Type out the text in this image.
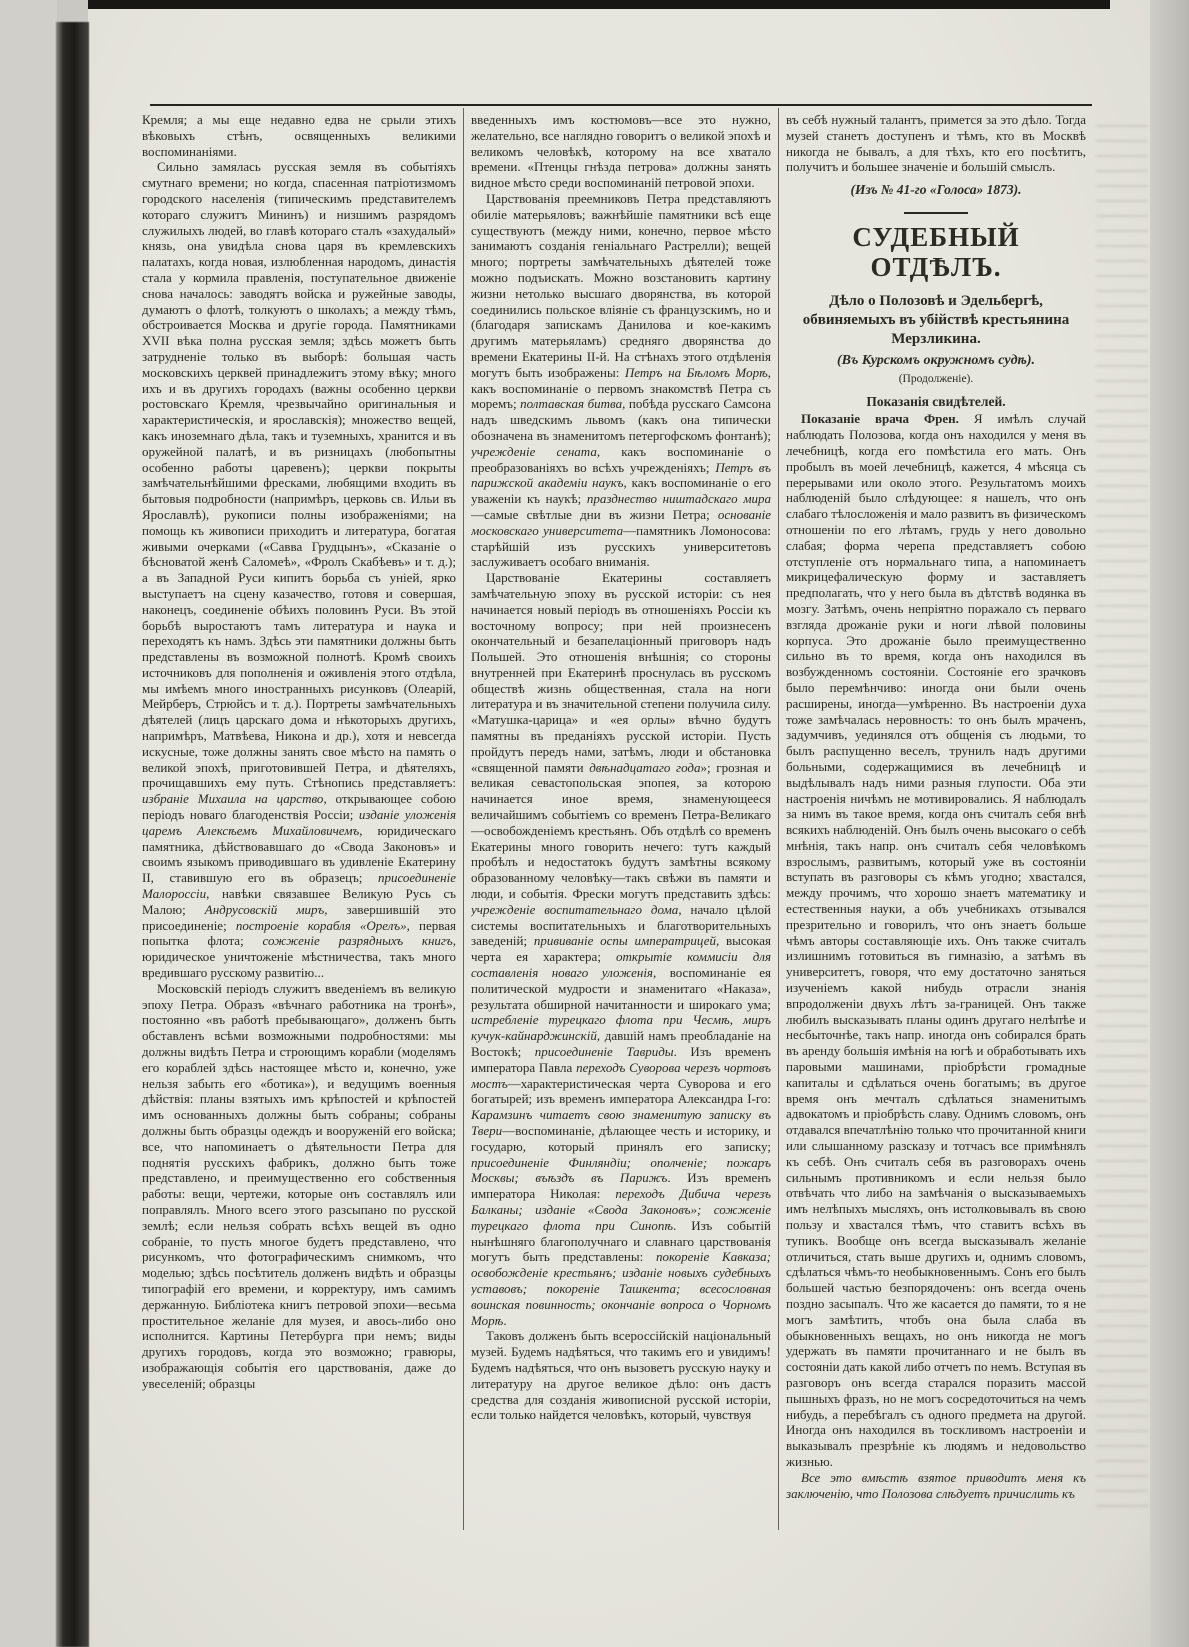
Кремля; а мы еще недавно едва не срыли этихъ вѣковыхъ стѣнъ, освященныхъ великими воспоминаніями.
Сильно замялась русская земля въ событіяхъ смутнаго времени; но когда, спасенная патріотизмомъ городского населенія (типическимъ представителемъ котораго служитъ Мининъ) и низшимъ разрядомъ служилыхъ людей, во главѣ котораго сталъ «захудалый» князь, она увидѣла снова царя въ кремлевскихъ палатахъ, когда новая, излюбленная народомъ, династія стала у кормила правленія, поступательное движеніе снова началось: заводятъ войска и ружейные заводы, думаютъ о флотѣ, толкуютъ о школахъ; а между тѣмъ, обстроивается Москва и другіе города. Памятниками XVII вѣка полна русская земля; здѣсь можетъ быть затрудненіе только въ выборѣ: большая часть московскихъ церквей принадлежитъ этому вѣку; много ихъ и въ другихъ городахъ (важны особенно церкви ростовскаго Кремля, чрезвычайно оригинальныя и характеристическія, и ярославскія); множество вещей, какъ иноземнаго дѣла, такъ и туземныхъ, хранится и въ оружейной палатѣ, и въ ризницахъ (любопытны особенно работы царевенъ); церкви покрыты замѣчательнѣйшими фресками, любящими входить въ бытовыя подробности (напримѣръ, церковь св. Ильи въ Ярославлѣ), рукописи полны изображеніями; на помощь къ живописи приходитъ и литература, богатая живыми очерками («Савва Грудцынъ», «Сказаніе о бѣсноватой женѣ Саломеѣ», «Фролъ Скабѣевъ» и т. д.); а въ Западной Руси кипитъ борьба съ уніей, ярко выступаетъ на сцену казачество, готовя и совершая, наконецъ, соединеніе обѣихъ половинъ Руси. Въ этой борьбѣ выростаютъ тамъ литература и наука и переходятъ къ намъ. Здѣсь эти памятники должны быть представлены въ возможной полнотѣ. Кромѣ своихъ источниковъ для пополненія и оживленія этого отдѣла, мы имѣемъ много иностранныхъ рисунковъ (Олеарій, Мейрберъ, Стрюйсъ и т. д.). Портреты замѣчательныхъ дѣятелей (лицъ царскаго дома и нѣкоторыхъ другихъ, напримѣръ, Матвѣева, Никона и др.), хотя и невсегда искусные, тоже должны занять свое мѣсто на память о великой эпохѣ, приготовившей Петра, и дѣятеляхъ, прочищавшихъ ему путь. Стѣнопись представляетъ: избраніе Михаила на царство, открывающее собою періодъ новаго благоденствія Россіи; изданіе уложенія царемъ Алексѣемъ Михайловичемъ, юридическаго памятника, дѣйствовавшаго до «Свода Законовъ» и своимъ языкомъ приводившаго въ удивленіе Екатерину II, ставившую его въ образецъ; присоединеніе Малороссіи, навѣки связавшее Великую Русь съ Малою; Андрусовскій миръ, завершившій это присоединеніе; построеніе корабля «Орелъ», первая попытка флота; сожженіе разрядныхъ книгъ, юридическое уничтоженіе мѣстничества, такъ много вредившаго русскому развитію...
Московскій періодъ служитъ введеніемъ въ великую эпоху Петра. Образъ «вѣчнаго работника на тронѣ», постоянно «въ работѣ пребывающаго», долженъ быть обставленъ всѣми возможными подробностями: мы должны видѣть Петра и строющимъ корабли (моделямъ его кораблей здѣсь настоящее мѣсто и, конечно, уже нельзя забыть его «ботика»), и ведущимъ военныя дѣйствія: планы взятыхъ имъ крѣпостей и крѣпостей имъ основанныхъ должны быть собраны; собраны должны быть образцы одеждъ и вооруженій его войска; все, что напоминаетъ о дѣятельности Петра для поднятія русскихъ фабрикъ, должно быть тоже представлено, и преимущественно его собственныя работы: вещи, чертежи, которые онъ составлялъ или поправлялъ. Много всего этого разсыпано по русской землѣ; если нельзя собрать всѣхъ вещей въ одно собраніе, то пусть многое будетъ представлено, что рисункомъ, что фотографическимъ снимкомъ, что моделью; здѣсь посѣтитель долженъ видѣть и образцы типографій его времени, и корректуру, имъ самимъ держанную. Библіотека книгъ петровой эпохи—весьма простительное желаніе для музея, и авось-либо оно исполнится. Картины Петербурга при немъ; виды другихъ городовъ, когда это возможно; гравюры, изображающія событія его царствованія, даже до увеселеній; образцы
введенныхъ имъ костюмовъ—все это нужно, желательно, все наглядно говоритъ о великой эпохѣ и великомъ человѣкѣ, которому на все хватало времени. «Птенцы гнѣзда петрова» должны занять видное мѣсто среди воспоминаній петровой эпохи.
Царствованія преемниковъ Петра представляютъ обиліе матерьяловъ; важнѣйшіе памятники всѣ еще существуютъ (между ними, конечно, первое мѣсто занимаютъ созданія геніальнаго Растрелли); вещей много; портреты замѣчательныхъ дѣятелей тоже можно подъискать. Можно возстановить картину жизни нетолько высшаго дворянства, въ которой соединились польское вліяніе съ французскимъ, но и (благодаря запискамъ Данилова и кое-какимъ другимъ матерьяламъ) средняго дворянства до времени Екатерины II-й. На стѣнахъ этого отдѣленія могутъ быть изображены: Петръ на Бѣломъ Морѣ, какъ воспоминаніе о первомъ знакомствѣ Петра съ моремъ; полтавская битва, побѣда русскаго Самсона надъ шведскимъ львомъ (какъ она типически обозначена въ знаменитомъ петергофскомъ фонтанѣ); учрежденіе сената, какъ воспоминаніе о преобразованіяхъ во всѣхъ учрежденіяхъ; Петръ въ парижской академіи наукъ, какъ воспоминаніе о его уваженіи къ наукѣ; празднество ништадскаго мира—самые свѣтлые дни въ жизни Петра; основаніе московскаго университета—памятникъ Ломоносова: старѣйшій изъ русскихъ университетовъ заслуживаетъ особаго вниманія.
Царствованіе Екатерины составляетъ замѣчательную эпоху въ русской исторіи: съ нея начинается новый періодъ въ отношеніяхъ Россіи къ восточному вопросу; при ней произнесенъ окончательный и безапелаціонный приговоръ надъ Польшей. Это отношенія внѣшнія; со стороны внутренней при Екатеринѣ проснулась въ русскомъ обществѣ жизнь общественная, стала на ноги литература и въ значительной степени получила силу. «Матушка-царица» и «ея орлы» вѣчно будутъ памятны въ преданіяхъ русской исторіи. Пусть пройдутъ передъ нами, затѣмъ, люди и обстановка «священной памяти двѣнадцатаго года»; грозная и великая севастопольская эпопея, за которою начинается иное время, знаменующееся величайшимъ событіемъ со временъ Петра-Великаго—освобожденіемъ крестьянъ. Объ отдѣлѣ со временъ Екатерины много говорить нечего: тутъ каждый пробѣлъ и недостатокъ будутъ замѣтны всякому образованному человѣку—такъ свѣжи въ памяти и люди, и событія. Фрески могутъ представить здѣсь: учрежденіе воспитательнаго дома, начало цѣлой системы воспитательныхъ и благотворительныхъ заведеній; прививаніе оспы императрицей, высокая черта ея характера; открытіе коммисіи для составленія новаго уложенія, воспоминаніе ея политической мудрости и знаменитаго «Наказа», результата обширной начитанности и широкаго ума; истребленіе турецкаго флота при Чесмѣ, миръ кучук-кайнарджинскій, давшій намъ преобладаніе на Востокѣ; присоединеніе Тавриды. Изъ временъ императора Павла переходъ Суворова черезъ чортовъ мостъ—характеристическая черта Суворова и его богатырей; изъ временъ императора Александра I-го: Карамзинъ читаетъ свою знаменитую записку въ Твери—воспоминаніе, дѣлающее честь и историку, и государю, который принялъ его записку; присоединеніе Финляндіи; ополченіе; пожаръ Москвы; въѣздъ въ Парижъ. Изъ временъ императора Николая: переходъ Дибича черезъ Балканы; изданіе «Свода Законовъ»; сожженіе турецкаго флота при Синопѣ. Изъ событій нынѣшняго благополучнаго и славнаго царствованія могутъ быть представлены: покореніе Кавказа; освобожденіе крестьянъ; изданіе новыхъ судебныхъ уставовъ; покореніе Ташкента; всесословная воинская повинность; окончаніе вопроса о Чорномъ Морѣ.
Таковъ долженъ быть всероссійскій національный музей. Будемъ надѣяться, что такимъ его и увидимъ! Будемъ надѣяться, что онъ вызоветъ русскую науку и литературу на другое великое дѣло: онъ дастъ средства для созданія живописной русской исторіи, если только найдется человѣкъ, который, чувствуя
въ себѣ нужный талантъ, примется за это дѣло. Тогда музей станетъ доступенъ и тѣмъ, кто въ Москвѣ никогда не бывалъ, а для тѣхъ, кто его посѣтитъ, получитъ и большее значеніе и большій смыслъ.
(Изъ № 41-го «Голоса» 1873).
СУДЕБНЫЙ ОТДѢЛЪ.
Дѣло о Полозовѣ и Эдельбергѣ, обвиняемыхъ въ убійствѣ крестьянина Мерзликина.
(Въ Курскомъ окружномъ судѣ).
(Продолженіе).
Показанія свидѣтелей.
Показаніе врача Френ. Я имѣлъ случай наблюдать Полозова, когда онъ находился у меня въ лечебницѣ, когда его помѣстила его мать. Онъ пробылъ въ моей лечебницѣ, кажется, 4 мѣсяца съ перерывами или около этого. Результатомъ моихъ наблюденій было слѣдующее: я нашелъ, что онъ слабаго тѣлосложенія и мало развитъ въ физическомъ отношеніи по его лѣтамъ, грудь у него довольно слабая; форма черепа представляетъ собою отступленіе отъ нормальнаго типа, а напоминаетъ микрицефалическую форму и заставляетъ предполагать, что у него была въ дѣтствѣ водянка въ мозгу. Затѣмъ, очень непріятно поражало съ перваго взгляда дрожаніе руки и ноги лѣвой половины корпуса. Это дрожаніе было преимущественно сильно въ то время, когда онъ находился въ возбужденномъ состояніи. Состояніе его зрачковъ было перемѣнчиво: иногда они были очень расширены, иногда—умѣренно. Въ настроеніи духа тоже замѣчалась неровность: то онъ былъ мраченъ, задумчивъ, уединялся отъ общенія съ людьми, то былъ распущенно веселъ, трунилъ надъ другими больными, содержащимися въ лечебницѣ и выдѣлывалъ надъ ними разныя глупости. Оба эти настроенія ничѣмъ не мотивировались. Я наблюдалъ за нимъ въ такое время, когда онъ считалъ себя внѣ всякихъ наблюденій. Онъ былъ очень высокаго о себѣ мнѣнія, такъ напр. онъ считалъ себя человѣкомъ взрослымъ, развитымъ, который уже въ состояніи вступать въ разговоры съ кѣмъ угодно; хвастался, между прочимъ, что хорошо знаетъ математику и естественныя науки, а объ учебникахъ отзывался презрительно и говорилъ, что онъ знаетъ больше чѣмъ авторы составляющіе ихъ. Онъ также считалъ излишнимъ готовиться въ гимназію, а затѣмъ въ университетъ, говоря, что ему достаточно заняться изученіемъ какой нибудь отрасли знанія впродолженіи двухъ лѣтъ за-границей. Онъ также любилъ высказывать планы одинъ другаго нелѣпѣе и несбыточнѣе, такъ напр. иногда онъ собирался брать въ аренду большія имѣнія на югѣ и обработывать ихъ паровыми машинами, пріобрѣсти громадные капиталы и сдѣлаться очень богатымъ; въ другое время онъ мечталъ сдѣлаться знаменитымъ адвокатомъ и пріобрѣсть славу. Однимъ словомъ, онъ отдавался впечатлѣнію только что прочитанной книги или слышанному разсказу и тотчасъ все примѣнялъ къ себѣ. Онъ считалъ себя въ разговорахъ очень сильнымъ противникомъ и если нельзя было отвѣчать что либо на замѣчанія о высказываемыхъ имъ нелѣпыхъ мысляхъ, онъ истолковывалъ въ свою пользу и хвастался тѣмъ, что ставитъ всѣхъ въ тупикъ. Вообще онъ всегда высказывалъ желаніе отличиться, стать выше другихъ и, однимъ словомъ, сдѣлаться чѣмъ-то необыкновеннымъ. Сонъ его былъ большей частью безпорядоченъ: онъ всегда очень поздно засыпалъ. Что же касается до памяти, то я не могъ замѣтить, чтобъ она была слаба въ обыкновенныхъ вещахъ, но онъ никогда не могъ удержать въ памяти прочитаннаго и не былъ въ состояніи дать какой либо отчетъ по немъ. Вступая въ разговоръ онъ всегда старался поразить массой пышныхъ фразъ, но не могъ сосредоточиться на чемъ нибудь, а перебѣгалъ съ одного предмета на другой. Иногда онъ находился въ тоскливомъ настроеніи и выказывалъ презрѣніе къ людямъ и недовольство жизнью.
Все это вмѣстѣ взятое приводитъ меня къ заключенію, что Полозова слѣдуетъ причислить къ
